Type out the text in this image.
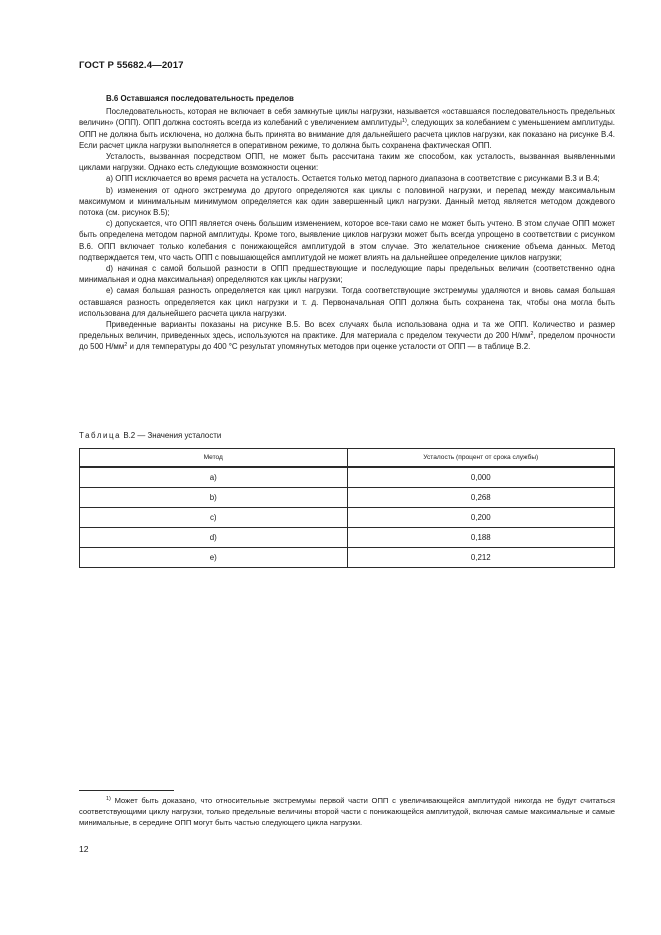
ГОСТ Р 55682.4—2017
В.6 Оставшаяся последовательность пределов

Последовательность, которая не включает в себя замкнутые циклы нагрузки, называется «оставшаяся последовательность предельных величин» (ОПП). ОПП должна состоять всегда из колебаний с увеличением амплитуды$^{1)}$, следующих за колебанием с уменьшением амплитуды. ОПП не должна быть исключена, но должна быть принята во внимание для дальнейшего расчета циклов нагрузки, как показано на рисунке В.4. Если расчет цикла нагрузки выполняется в оперативном режиме, то должна быть сохранена фактическая ОПП.

Усталость, вызванная посредством ОПП, не может быть рассчитана таким же способом, как усталость, вызванная выявленными циклами нагрузки. Однако есть следующие возможности оценки:

a) ОПП исключается во время расчета на усталость. Остается только метод парного диапазона в соответствие с рисунками В.3 и В.4;

b) изменения от одного экстремума до другого определяются как циклы с половиной нагрузки, и перепад между максимальным максимумом и минимальным минимумом определяется как один завершенный цикл нагрузки. Данный метод является методом дождевого потока (см. рисунок В.5);

c) допускается, что ОПП является очень большим изменением, которое все-таки само не может быть учтено. В этом случае ОПП может быть определена методом парной амплитуды. Кроме того, выявление циклов нагрузки может быть всегда упрощено в соответствии с рисунком В.6. ОПП включает только колебания с понижающейся амплитудой в этом случае. Это желательное снижение объема данных. Метод подтверждается тем, что часть ОПП с повышающейся амплитудой не может влиять на дальнейшее определение циклов нагрузки;

d) начиная с самой большой разности в ОПП предшествующие и последующие пары предельных величин (соответственно одна минимальная и одна максимальная) определяются как циклы нагрузки;

e) самая большая разность определяется как цикл нагрузки. Тогда соответствующие экстремумы удаляются и вновь самая большая оставшаяся разность определяется как цикл нагрузки и т. д. Первоначальная ОПП должна быть сохранена так, чтобы она могла быть использована для дальнейшего расчета цикла нагрузки.

Приведенные варианты показаны на рисунке В.5. Во всех случаях была использована одна и та же ОПП. Количество и размер предельных величин, приведенных здесь, используются на практике. Для материала с пределом текучести до 200 $Н/мм^2$, пределом прочности до 500 $Н/мм^2$ и для температуры до 400 °С результат упомянутых методов при оценке усталости от ОПП — в таблице В.2.

Таблица В.2 — Значения усталости
Метод	Усталость (процент от срока службы)
a)	0,000
b)	0,268
c)	0,200
d)	0,188
e)	0,212

$^{1)}$ Может быть доказано, что относительные экстремумы первой части ОПП с увеличивающейся амплитудой никогда не будут считаться соответствующими циклу нагрузки, только предельные величины второй части с понижающейся амплитудой, включая самые максимальные и самые минимальные, в середине ОПП могут быть частью следующего цикла нагрузки.

12
